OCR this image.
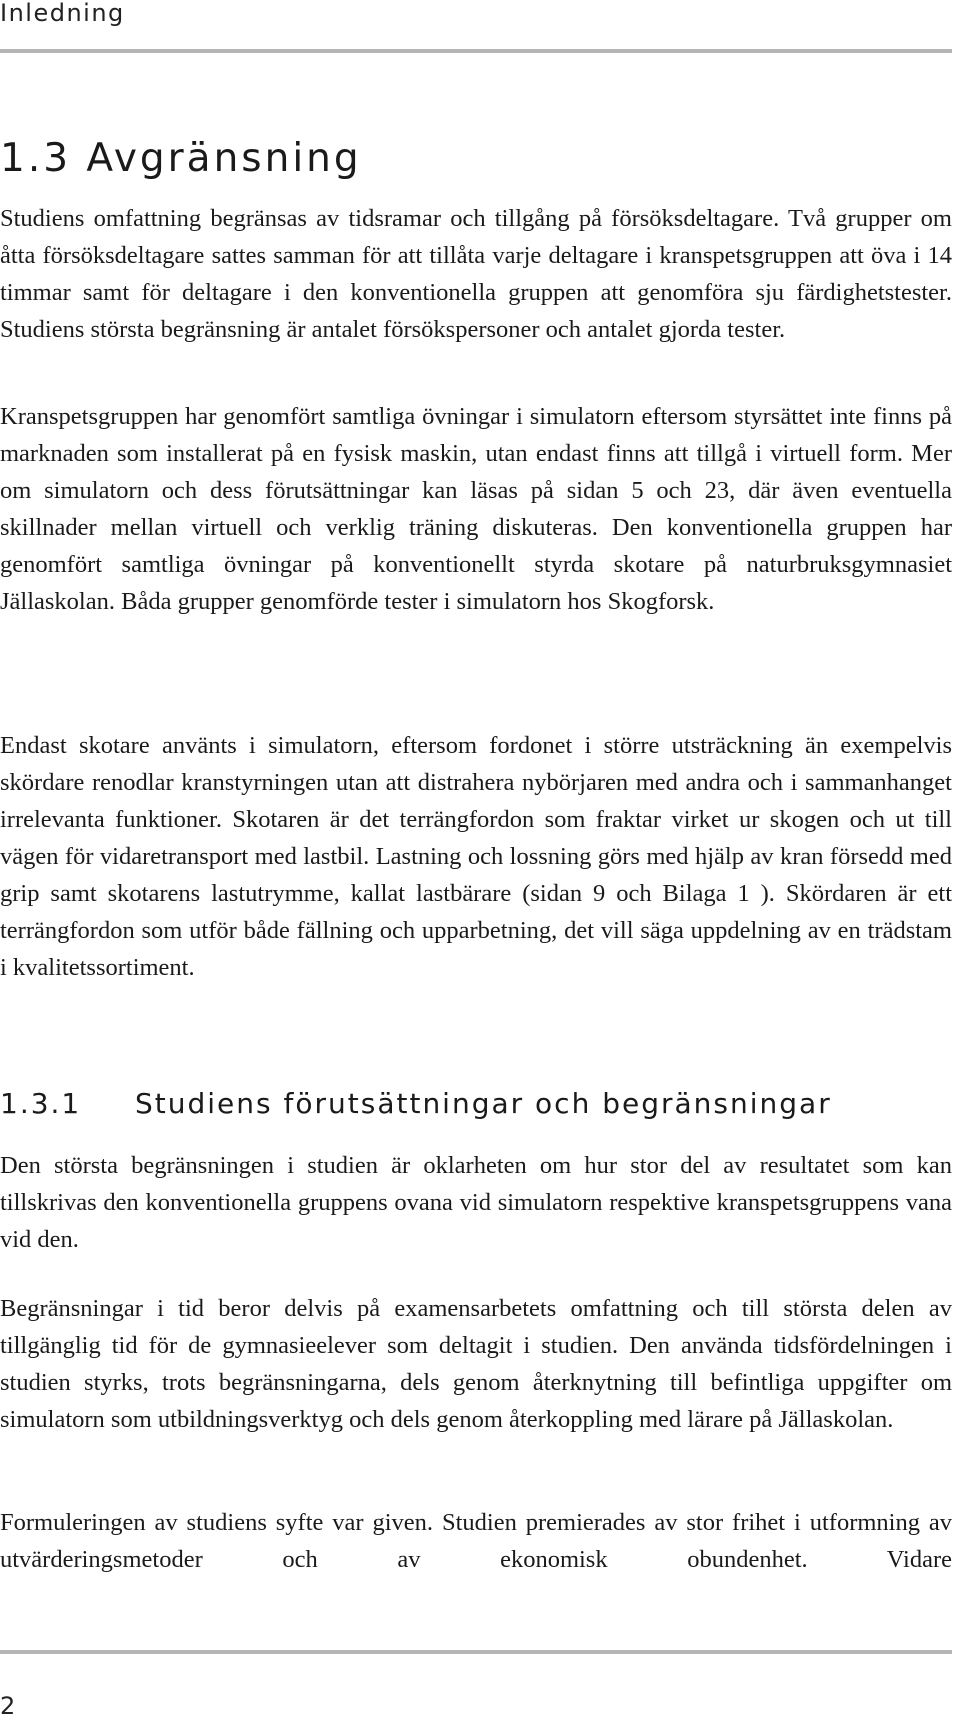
Inledning
1.3 Avgränsning

Studiens omfattning begränsas av tidsramar och tillgång på försöksdeltagare. Två grupper om åtta försöksdeltagare sattes samman för att tillåta varje deltagare i kranspetsgruppen att öva i 14 timmar samt för deltagare i den konventionella gruppen att genomföra sju färdighetstester. Studiens största begränsning är antalet försökspersoner och antalet gjorda tester.

Kranspetsgruppen har genomfört samtliga övningar i simulatorn eftersom styrsättet inte finns på marknaden som installerat på en fysisk maskin, utan endast finns att tillgå i virtuell form. Mer om simulatorn och dess förutsättningar kan läsas på sidan 5 och 23, där även eventuella skillnader mellan virtuell och verklig träning diskuteras. Den konventionella gruppen har genomfört samtliga övningar på konventionellt styrda skotare på naturbruksgymnasiet Jällaskolan. Båda grupper genomförde tester i simulatorn hos Skogforsk.

Endast skotare använts i simulatorn, eftersom fordonet i större utsträckning än exempelvis skördare renodlar kranstyrningen utan att distrahera nybörjaren med andra och i sammanhanget irrelevanta funktioner. Skotaren är det terrängfordon som fraktar virket ur skogen och ut till vägen för vidaretransport med lastbil. Lastning och lossning görs med hjälp av kran försedd med grip samt skotarens lastutrymme, kallat lastbärare (sidan 9 och Bilaga 1 ). Skördaren är ett terrängfordon som utför både fällning och upparbetning, det vill säga uppdelning av en trädstam i kvalitetssortiment.

1.3.1 Studiens förutsättningar och begränsningar

Den största begränsningen i studien är oklarheten om hur stor del av resultatet som kan tillskrivas den konventionella gruppens ovana vid simulatorn respektive kranspetsgruppens vana vid den.

Begränsningar i tid beror delvis på examensarbetets omfattning och till största delen av tillgänglig tid för de gymnasieelever som deltagit i studien. Den använda tidsfördelningen i studien styrks, trots begränsningarna, dels genom återknytning till befintliga uppgifter om simulatorn som utbildningsverktyg och dels genom återkoppling med lärare på Jällaskolan.

Formuleringen av studiens syfte var given. Studien premierades av stor frihet i utformning av utvärderingsmetoder och av ekonomisk obundenhet. Vidare

2
